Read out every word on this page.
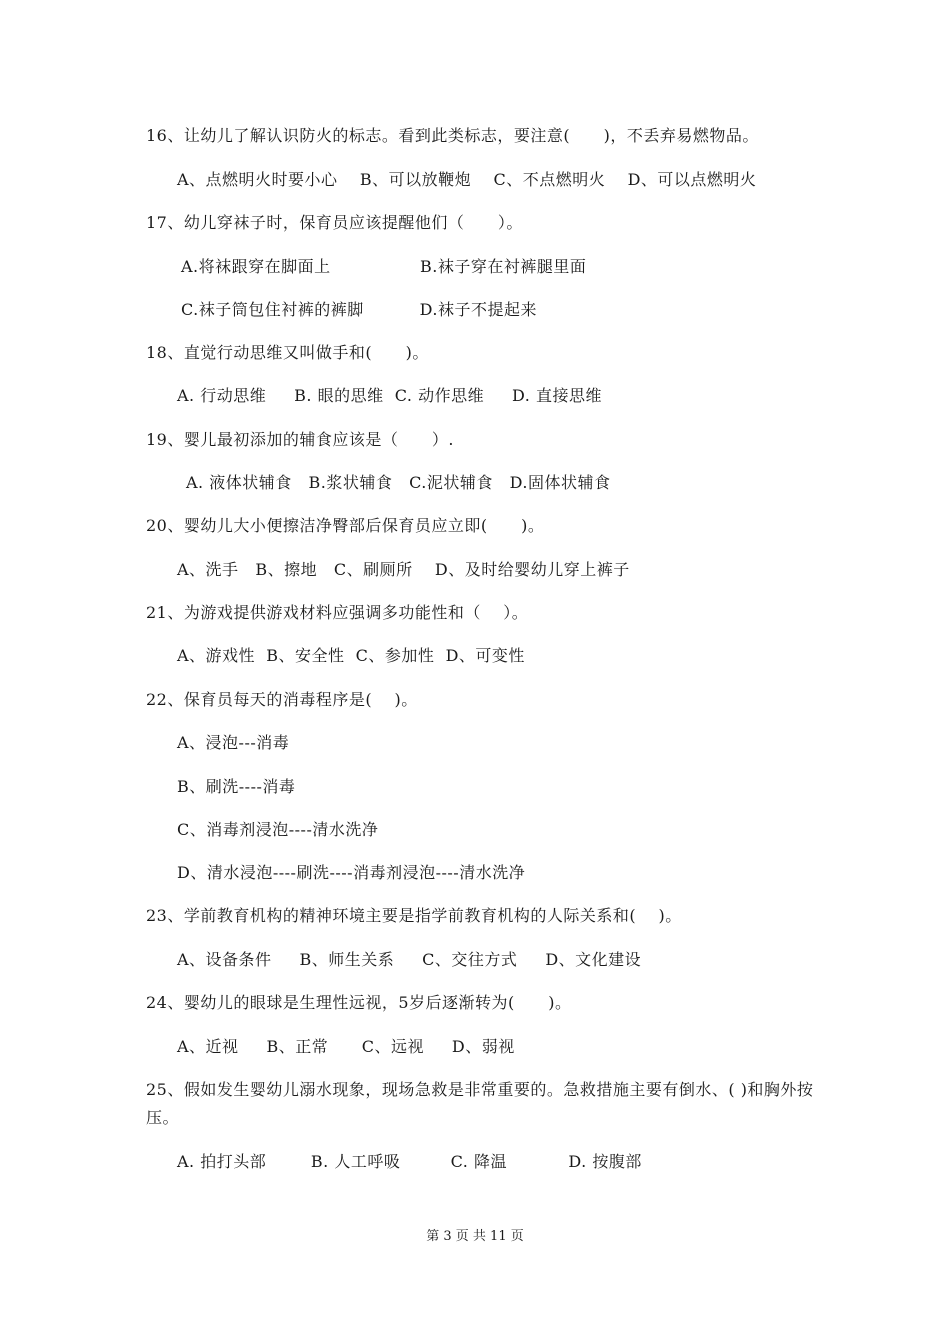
16、让幼儿了解认识防火的标志。看到此类标志，要注意(      )，不丢弃易燃物品。
A、点燃明火时要小心    B、可以放鞭炮    C、不点燃明火    D、可以点燃明火
17、幼儿穿袜子时，保育员应该提醒他们（      ）。
A.将袜跟穿在脚面上                B.袜子穿在衬裤腿里面
C.袜子筒包住衬裤的裤脚          D.袜子不提起来
18、直觉行动思维又叫做手和(      )。
A. 行动思维     B. 眼的思维  C. 动作思维     D. 直接思维
19、婴儿最初添加的辅食应该是（      ）.
A. 液体状辅食   B.浆状辅食   C.泥状辅食   D.固体状辅食
20、婴幼儿大小便擦洁净臀部后保育员应立即(      )。
A、洗手   B、擦地   C、刷厕所    D、及时给婴幼儿穿上裤子
21、为游戏提供游戏材料应强调多功能性和（    ）。
A、游戏性  B、安全性  C、参加性  D、可变性
22、保育员每天的消毒程序是(    )。
A、浸泡---消毒
B、刷洗----消毒
C、消毒剂浸泡----清水洗净
D、清水浸泡----刷洗----消毒剂浸泡----清水洗净
23、学前教育机构的精神环境主要是指学前教育机构的人际关系和(    )。
A、设备条件     B、师生关系     C、交往方式     D、文化建设
24、婴幼儿的眼球是生理性远视，5岁后逐渐转为(      )。
A、近视     B、正常      C、远视     D、弱视
25、假如发生婴幼儿溺水现象，现场急救是非常重要的。急救措施主要有倒水、( )和胸外按压。
A. 拍打头部        B. 人工呼吸         C. 降温           D. 按腹部
第 3 页 共 11 页
